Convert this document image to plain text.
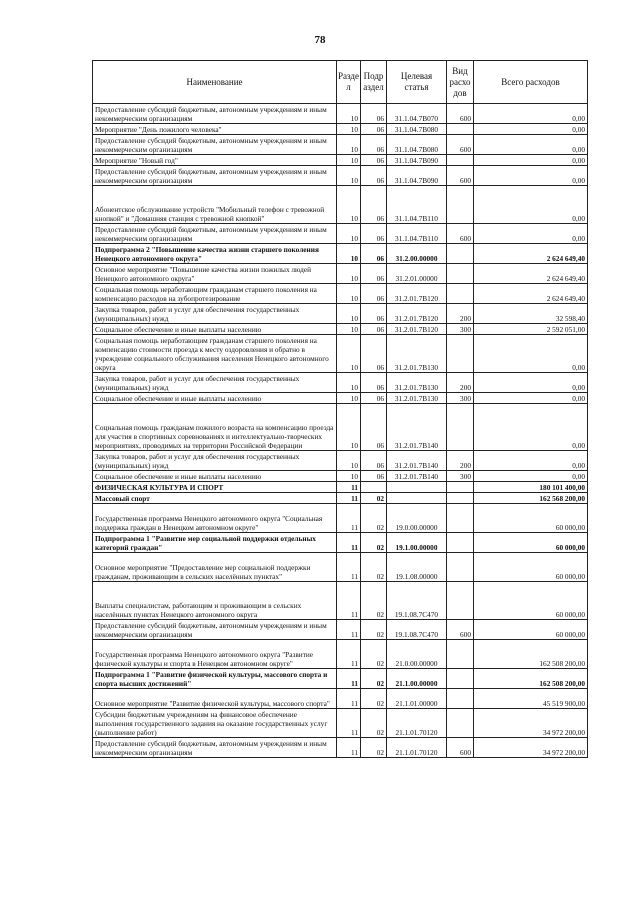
78
Наименование	Разде л	Подр аздел	Целевая статья	Вид расхо дов	Всего расходов
Предоставление субсидий бюджетным, автономным учреждениям и иным некоммерческим организациям	10	06	31.1.04.7В070	600	0,00
Мероприятие "День пожилого человека"	10	06	31.1.04.7В080		0,00
Предоставление субсидий бюджетным, автономным учреждениям и иным некоммерческим организациям	10	06	31.1.04.7В080	600	0,00
Мероприятие "Новый год"	10	06	31.1.04.7В090		0,00
Предоставление субсидий бюджетным, автономным учреждениям и иным некоммерческим организациям	10	06	31.1.04.7В090	600	0,00
Абонентское обслуживание устройств "Мобильный телефон с тревожной кнопкой" и "Домашняя станция с тревожной кнопкой"	10	06	31.1.04.7В110		0,00
Предоставление субсидий бюджетным, автономным учреждениям и иным некоммерческим организациям	10	06	31.1.04.7В110	600	0,00
Подпрограмма 2 "Повышение качества жизни старшего поколения Ненецкого автономного округа"	10	06	31.2.00.00000		2 624 649,40
Основное мероприятие "Повышение качества жизни пожилых людей Ненецкого автономного округа"	10	06	31.2.01.00000		2 624 649,40
Социальная помощь неработающим гражданам старшего поколения на компенсацию расходов на зубопротезирование	10	06	31.2.01.7В120		2 624 649,40
Закупка товаров, работ и услуг для обеспечения государственных (муниципальных) нужд	10	06	31.2.01.7В120	200	32 598,40
Социальное обеспечение и иные выплаты населению	10	06	31.2.01.7В120	300	2 592 051,00
Социальная помощь неработающим гражданам старшего поколения на компенсацию стоимости проезда к месту оздоровления и обратно в учреждение социального обслуживания населения Ненецкого автономного округа	10	06	31.2.01.7В130		0,00
Закупка товаров, работ и услуг для обеспечения государственных (муниципальных) нужд	10	06	31.2.01.7В130	200	0,00
Социальное обеспечение и иные выплаты населению	10	06	31.2.01.7В130	300	0,00
Социальная помощь гражданам пожилого возраста на компенсацию проезда для участия в спортивных соревнованиях и интеллектуально-творческих мероприятиях, проводимых на территории Российской Федерации	10	06	31.2.01.7В140		0,00
Закупка товаров, работ и услуг для обеспечения государственных (муниципальных) нужд	10	06	31.2.01.7В140	200	0,00
Социальное обеспечение и иные выплаты населению	10	06	31.2.01.7В140	300	0,00
ФИЗИЧЕСКАЯ КУЛЬТУРА И СПОРТ	11				180 101 400,00
Массовый спорт	11	02			162 568 200,00
Государственная программа Ненецкого автономного округа "Социальная поддержка граждан в Ненецком автономном округе"	11	02	19.0.00.00000		60 000,00
Подпрограмма 1 "Развитие мер социальной поддержки отдельных категорий граждан"	11	02	19.1.00.00000		60 000,00
Основное мероприятие "Предоставление мер социальной поддержки гражданам, проживающим в сельских населённых пунктах"	11	02	19.1.08.00000		60 000,00
Выплаты специалистам, работающим и проживающим в сельских населённых пунктах Ненецкого автономного округа	11	02	19.1.08.7С470		60 000,00
Предоставление субсидий бюджетным, автономным учреждениям и иным некоммерческим организациям	11	02	19.1.08.7С470	600	60 000,00
Государственная программа Ненецкого автономного округа "Развитие физической культуры и спорта в Ненецком автономном округе"	11	02	21.0.00.00000		162 508 200,00
Подпрограмма 1 "Развитие физической культуры, массового спорта и спорта высших достижений"	11	02	21.1.00.00000		162 508 200,00
Основное мероприятие "Развитие физической культуры, массового спорта"	11	02	21.1.01.00000		45 519 900,00
Субсидии бюджетным учреждениям на финансовое обеспечение выполнения государственного задания на оказание государственных услуг (выполнение работ)	11	02	21.1.01.70120		34 972 200,00
Предоставление субсидий бюджетным, автономным учреждениям и иным некоммерческим организациям	11	02	21.1.01.70120	600	34 972 200,00
